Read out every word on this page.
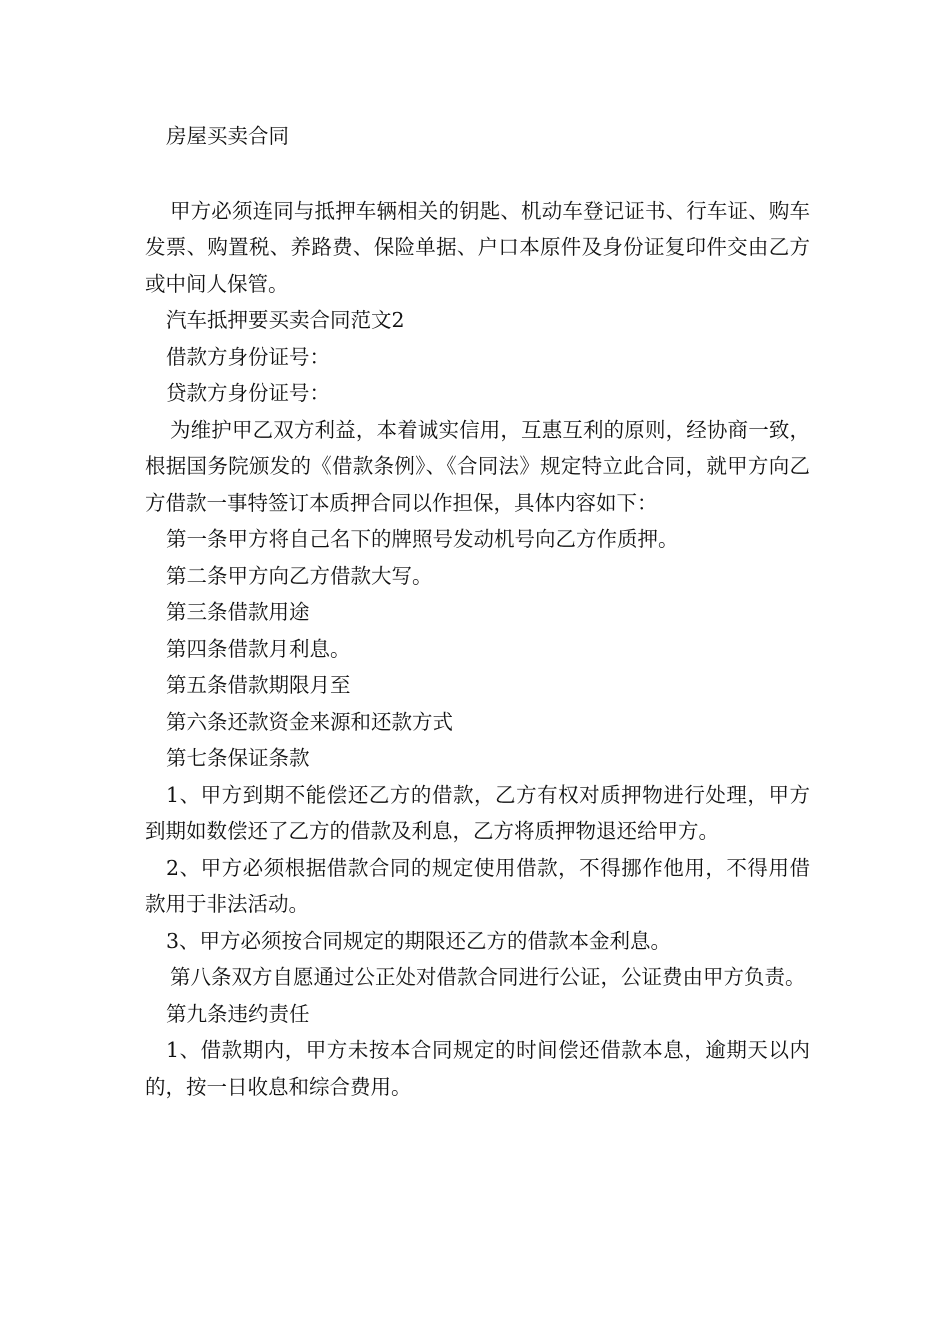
房屋买卖合同

甲方必须连同与抵押车辆相关的钥匙、机动车登记证书、行车证、购车发票、购置税、养路费、保险单据、户口本原件及身份证复印件交由乙方或中间人保管。

汽车抵押要买卖合同范文2

借款方身份证号：

贷款方身份证号：

为维护甲乙双方利益，本着诚实信用，互惠互利的原则，经协商一致，根据国务院颁发的《借款条例》、《合同法》规定特立此合同，就甲方向乙方借款一事特签订本质押合同以作担保，具体内容如下：

第一条甲方将自己名下的牌照号发动机号向乙方作质押。

第二条甲方向乙方借款大写。

第三条借款用途

第四条借款月利息。

第五条借款期限月至

第六条还款资金来源和还款方式

第七条保证条款

1、甲方到期不能偿还乙方的借款，乙方有权对质押物进行处理，甲方到期如数偿还了乙方的借款及利息，乙方将质押物退还给甲方。

2、甲方必须根据借款合同的规定使用借款，不得挪作他用，不得用借款用于非法活动。

3、甲方必须按合同规定的期限还乙方的借款本金利息。

第八条双方自愿通过公正处对借款合同进行公证，公证费由甲方负责。

第九条违约责任

1、借款期内，甲方未按本合同规定的时间偿还借款本息，逾期天以内的，按一日收息和综合费用。
